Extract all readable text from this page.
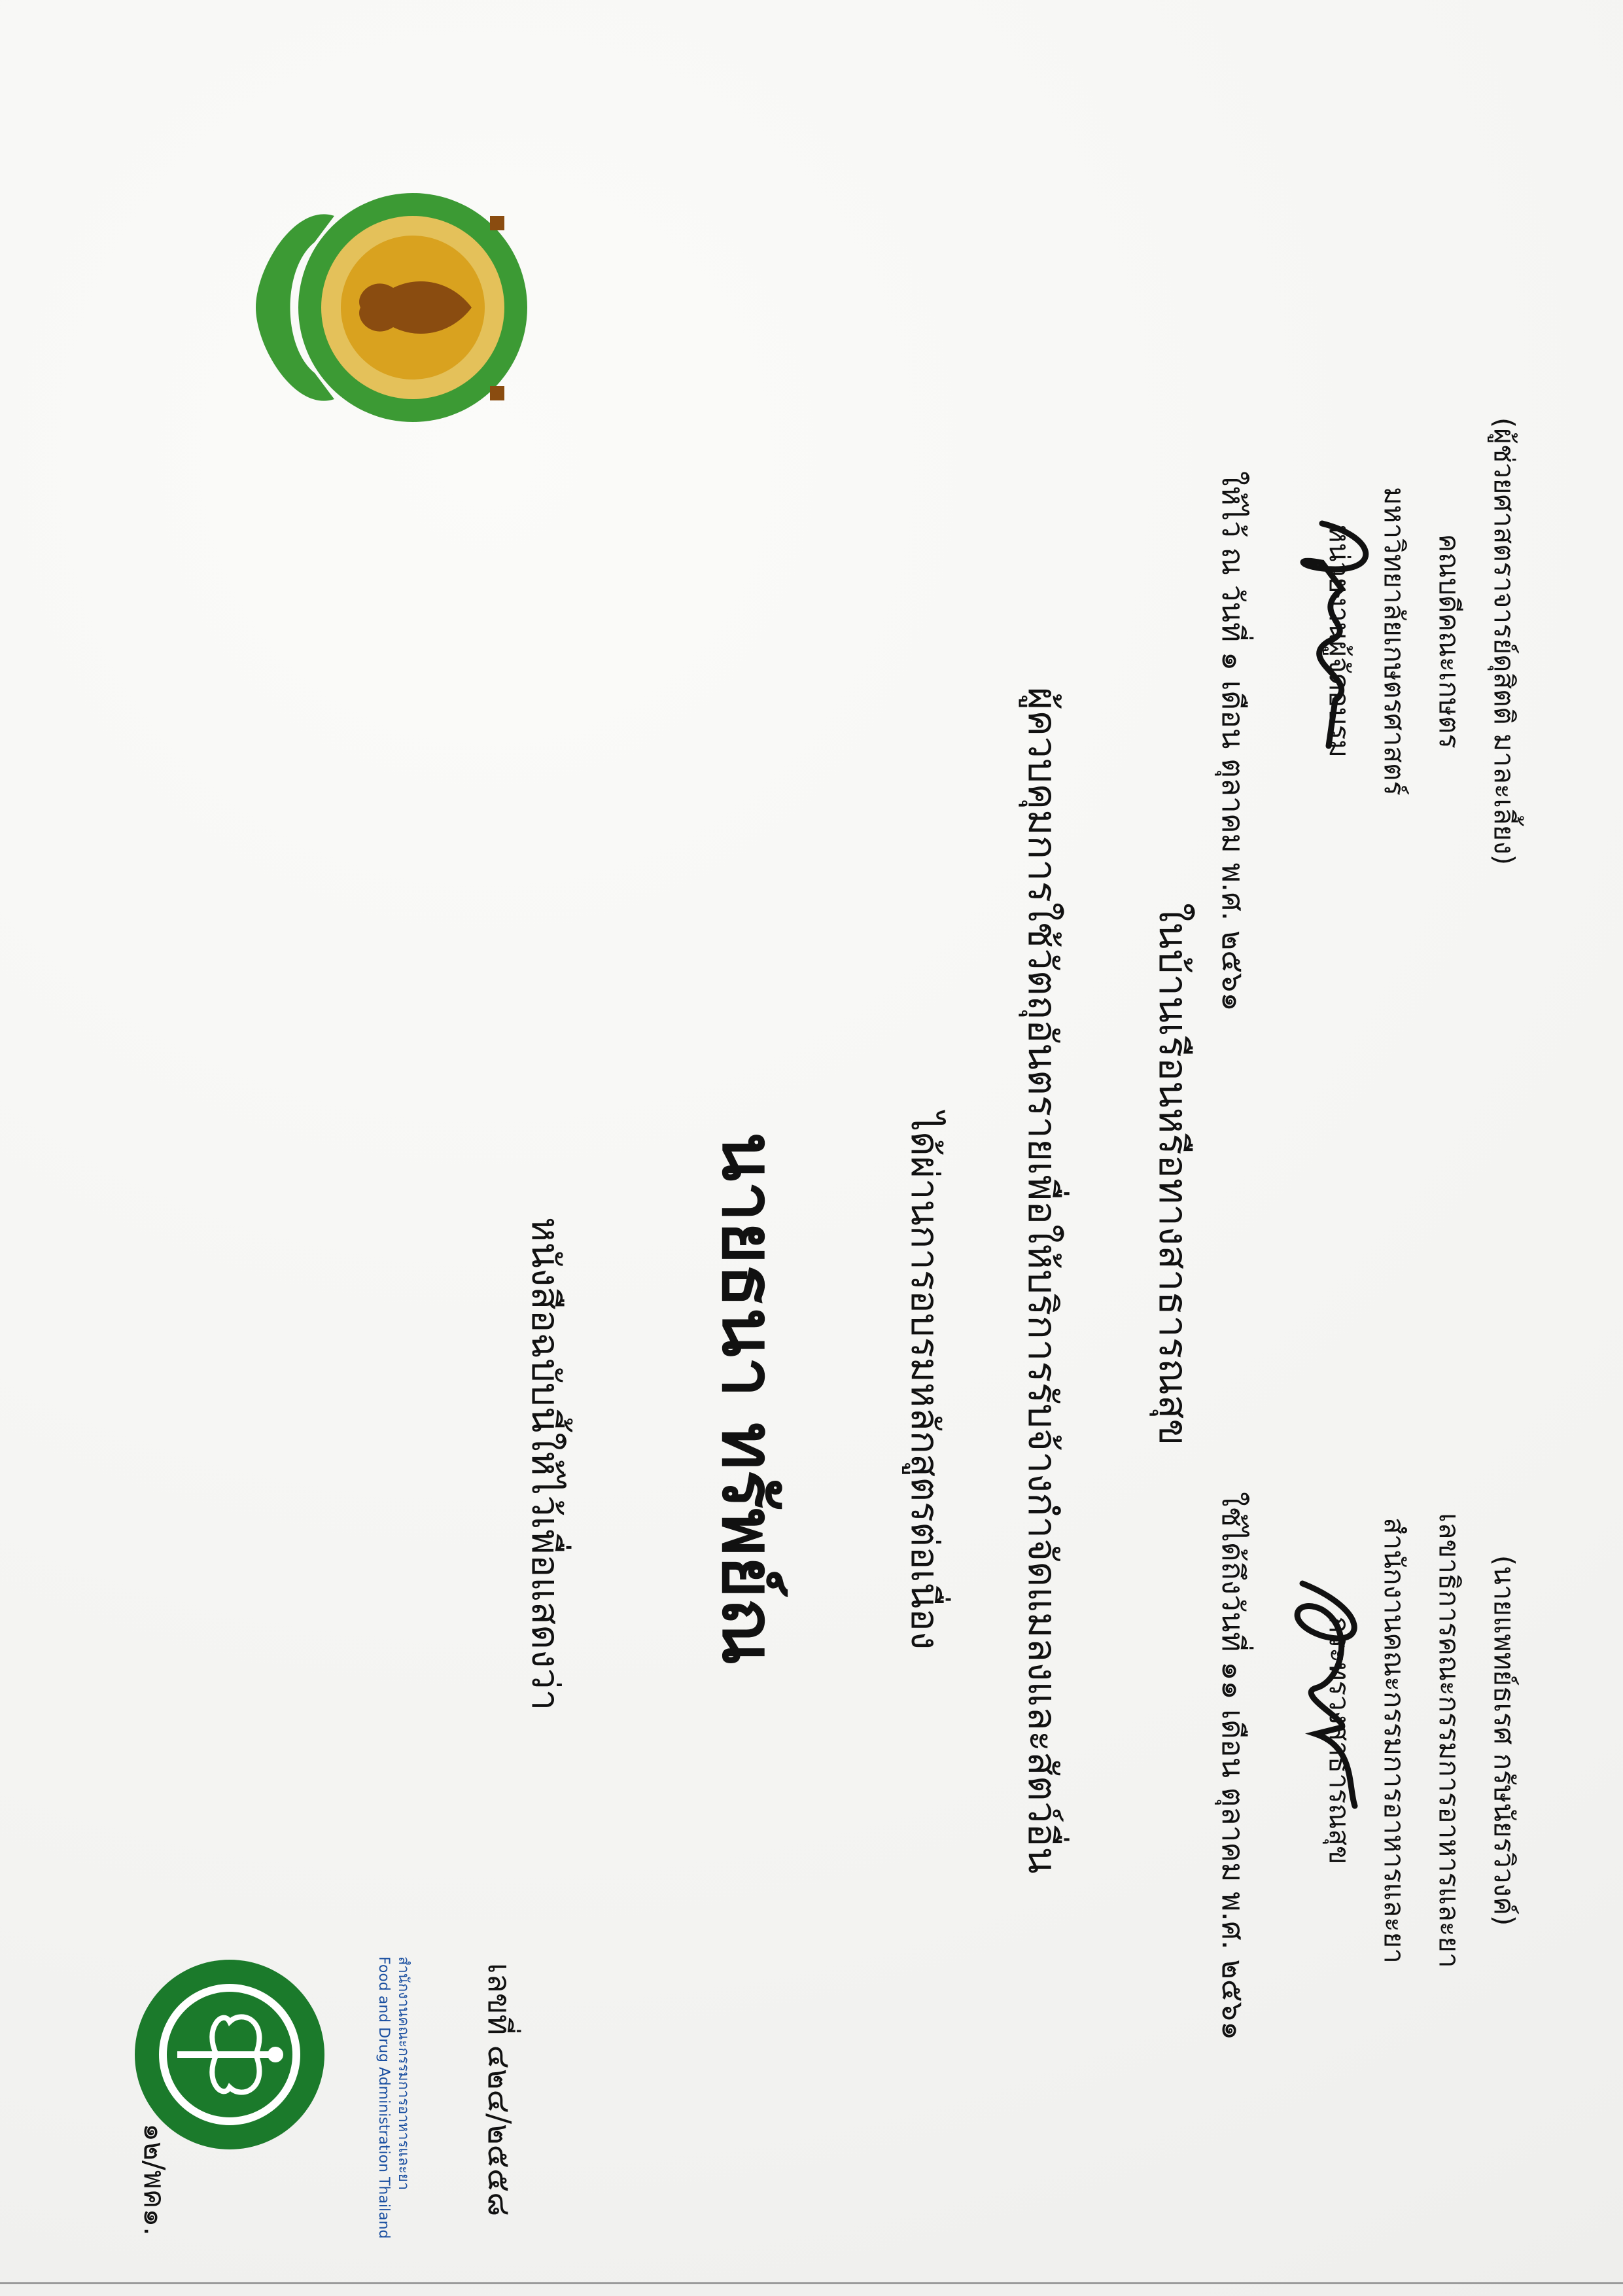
สำนักงานคณะกรรมการอาหารและยา
Food and Drug Administration Thailand
๑๒/พค๑.	เลขที่ ๔๒๔/๒๕๕๘
หนังสือฉบับนี้ให้ไว้เพื่อแสดงว่า นายธนา ทรัพย์ณ	ได้ผ่านการอบรมหลักสูตรต่อเนื่อง ผู้ควบคุมการใช้วัตถุอันตรายเพื่อให้บริการรับจ้างกำจัดแมลงและสัตว์อื่น ในบ้านเรือนหรือทางสาธารณสุข
ใช้ได้ถึงวันที่ ๑๑ เดือน ตุลาคม พ.ศ. ๒๕๖๑
ให้ไว้ ณ วันที่ ๑ เดือน ตุลาคม พ.ศ. ๒๕๖๑
(นายแพทย์ธเรศ กรัษนัยรวิวงค์)
เลขาธิการคณะกรรมการอาหารและยา
สำนักงานคณะกรรมการอาหารและยา
กระทรวงสาธารณสุข
(ผู้ช่วยศาสตราจารย์ดุสิตติ มาละเลี้ยง)
คณบดีคณะเกษตร
มหาวิทยาลัยเกษตรศาสตร์
หน่วยงานผู้จัดอบรม
